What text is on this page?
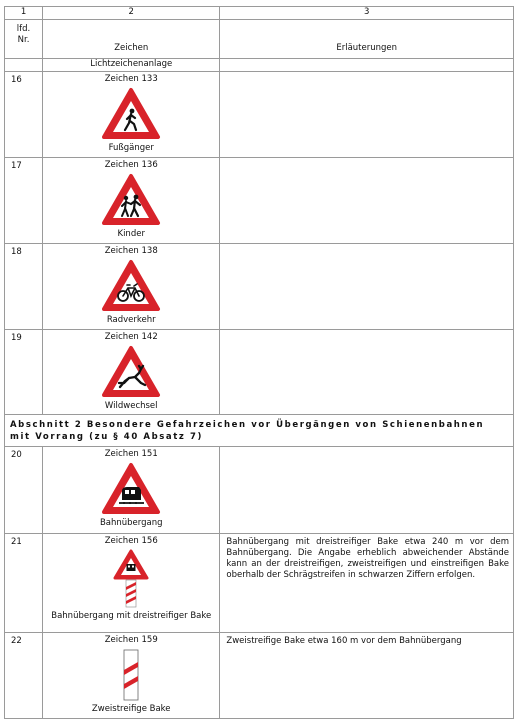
1	2	3
lfd.
Nr.	Zeichen	Erläuterungen
	Lichtzeichenanlage	
16	Zeichen 133
Fußgänger	

17	Zeichen 136
Kinder	

18	Zeichen 138
Radverkehr	

19	Zeichen 142
Wildwechsel	

Abschnitt 2 Besondere Gefahrzeichen vor Übergängen von Schienenbahnen mit Vorrang (zu § 40 Absatz 7)		
20	Zeichen 151
Bahnübergang	

21	Zeichen 156
Bahnübergang mit dreistreifiger Bake	Bahnübergang mit dreistreifiger Bake etwa 240 m vor dem Bahnübergang. Die Angabe erheblich abweichender Abstände kann an der dreistreifigen, zweistreifigen und einstreifigen Bake oberhalb der Schrägstreifen in schwarzen Ziffern erfolgen.
22	Zeichen 159
Zweistreifige Bake	Zweistreifige Bake etwa 160 m vor dem Bahnübergang
